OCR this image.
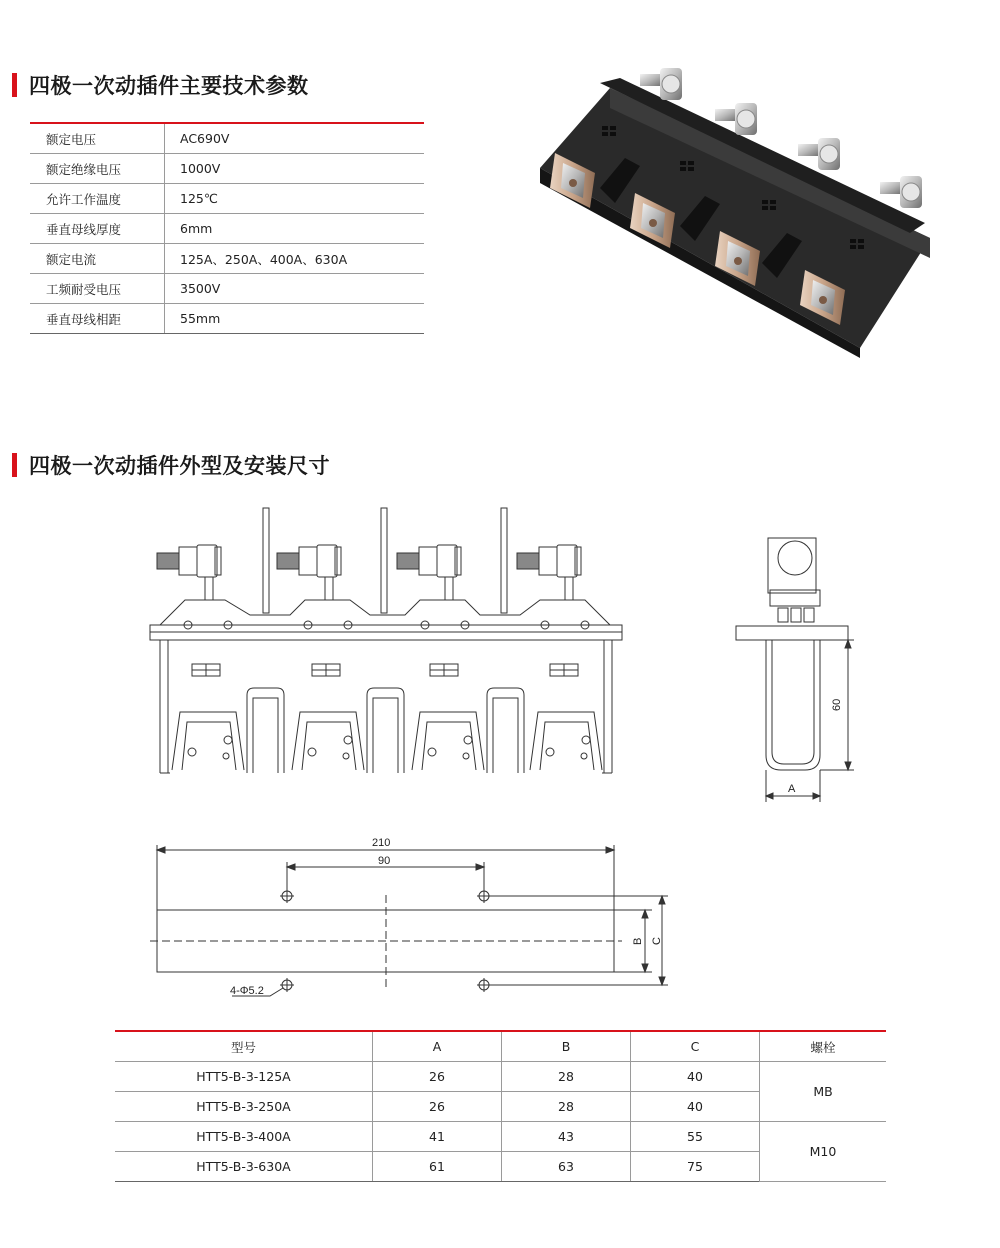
四极一次动插件主要技术参数
额定电压	AC690V
额定绝缘电压	1000V
允许工作温度	125℃
垂直母线厚度	6mm
额定电流	125A、250A、400A、630A
工频耐受电压	3500V
垂直母线相距	55mm
四极一次动插件外型及安装尺寸
60
A
210
90
B C
4-Φ5.2
型号	A	B	C	螺栓
HTT5-B-3-125A	26	28	40	MB
HTT5-B-3-250A	26	28	40	
HTT5-B-3-400A	41	43	55	M10
HTT5-B-3-630A	61	63	75	
